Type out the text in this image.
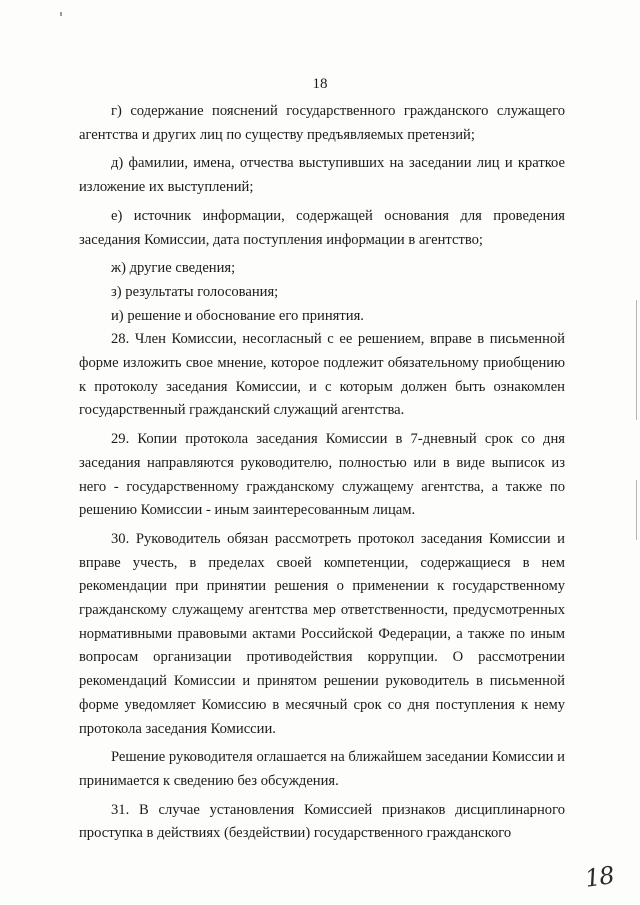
18

г) содержание пояснений государственного гражданского служащего агентства и других лиц по существу предъявляемых претензий;

д) фамилии, имена, отчества выступивших на заседании лиц и краткое изложение их выступлений;

е) источник информации, содержащей основания для проведения заседания Комиссии, дата поступления информации в агентство;

ж) другие сведения;

з) результаты голосования;

и) решение и обоснование его принятия.

28. Член Комиссии, несогласный с ее решением, вправе в письменной форме изложить свое мнение, которое подлежит обязательному приобщению к протоколу заседания Комиссии, и с которым должен быть ознакомлен государственный гражданский служащий агентства.

29. Копии протокола заседания Комиссии в 7-дневный срок со дня заседания направляются руководителю, полностью или в виде выписок из него - государственному гражданскому служащему агентства, а также по решению Комиссии - иным заинтересованным лицам.

30. Руководитель обязан рассмотреть протокол заседания Комиссии и вправе учесть, в пределах своей компетенции, содержащиеся в нем рекомендации при принятии решения о применении к государственному гражданскому служащему агентства мер ответственности, предусмотренных нормативными правовыми актами Российской Федерации, а также по иным вопросам организации противодействия коррупции. О рассмотрении рекомендаций Комиссии и принятом решении руководитель в письменной форме уведомляет Комиссию в месячный срок со дня поступления к нему протокола заседания Комиссии.

Решение руководителя оглашается на ближайшем заседании Комиссии и принимается к сведению без обсуждения.

31. В случае установления Комиссией признаков дисциплинарного проступка в действиях (бездействии) государственного гражданского

18
